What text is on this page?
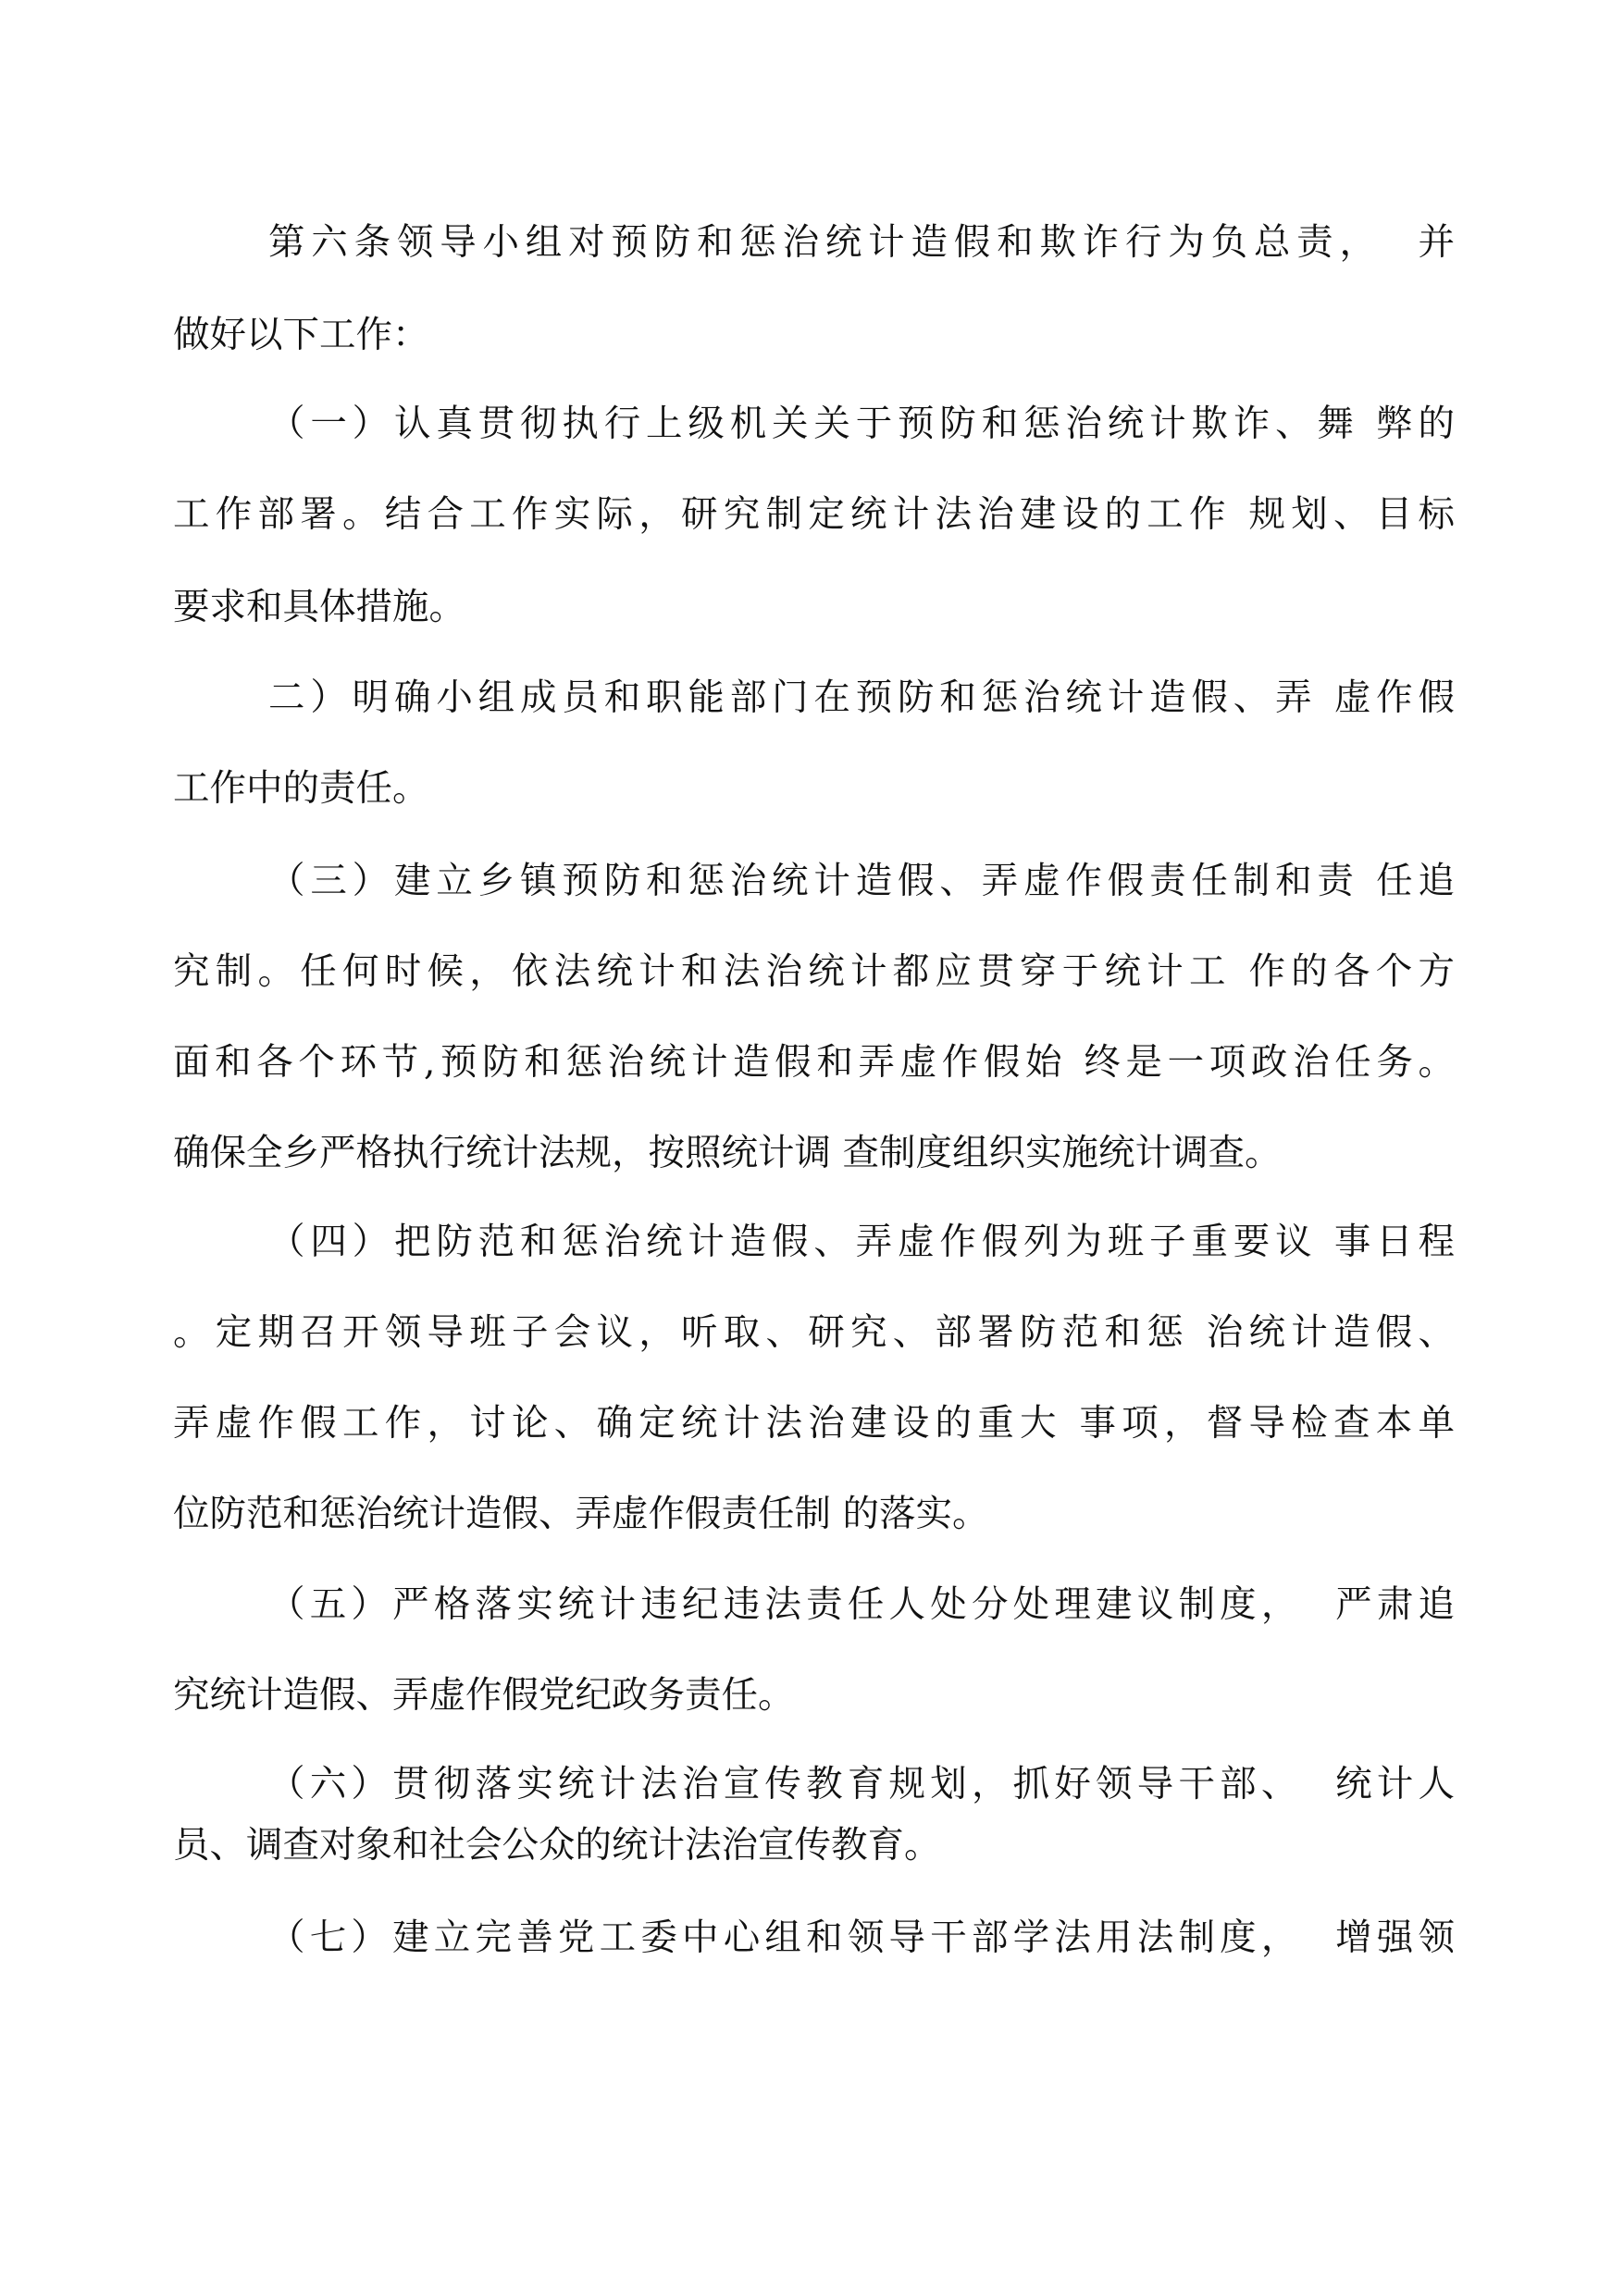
第六条领导小组对预防和惩治统计造假和欺诈行为负总责，  并
做好以下工作：
（一）认真贯彻执行上级机关关于预防和惩治统计欺诈、舞 弊的
工作部署。结合工作实际，研究制定统计法治建设的工作 规划、目标
要求和具体措施。
二）明确小组成员和职能部门在预防和惩治统计造假、弄 虚作假
工作中的责任。
（三）建立乡镇预防和惩治统计造假、弄虚作假责任制和责 任追
究制。任何时候，依法统计和法治统计都应贯穿于统计工 作的各个方
面和各个环节,预防和惩治统计造假和弄虚作假始 终是一项政治任务。
确保全乡严格执行统计法规，按照统计调 查制度组织实施统计调查。
（四）把防范和惩治统计造假、弄虚作假列为班子重要议 事日程
。定期召开领导班子会议，听取、研究、部署防范和惩 治统计造假、
弄虚作假工作，讨论、确定统计法治建设的重大 事项，督导检查本单
位防范和惩治统计造假、弄虚作假责任制 的落实。
（五）严格落实统计违纪违法责任人处分处理建议制度，  严肃追
究统计造假、弄虚作假党纪政务责任。
（六）贯彻落实统计法治宣传教育规划，抓好领导干部、  统计人
员、调查对象和社会公众的统计法治宣传教育。
（七）建立完善党工委中心组和领导干部学法用法制度，  增强领
